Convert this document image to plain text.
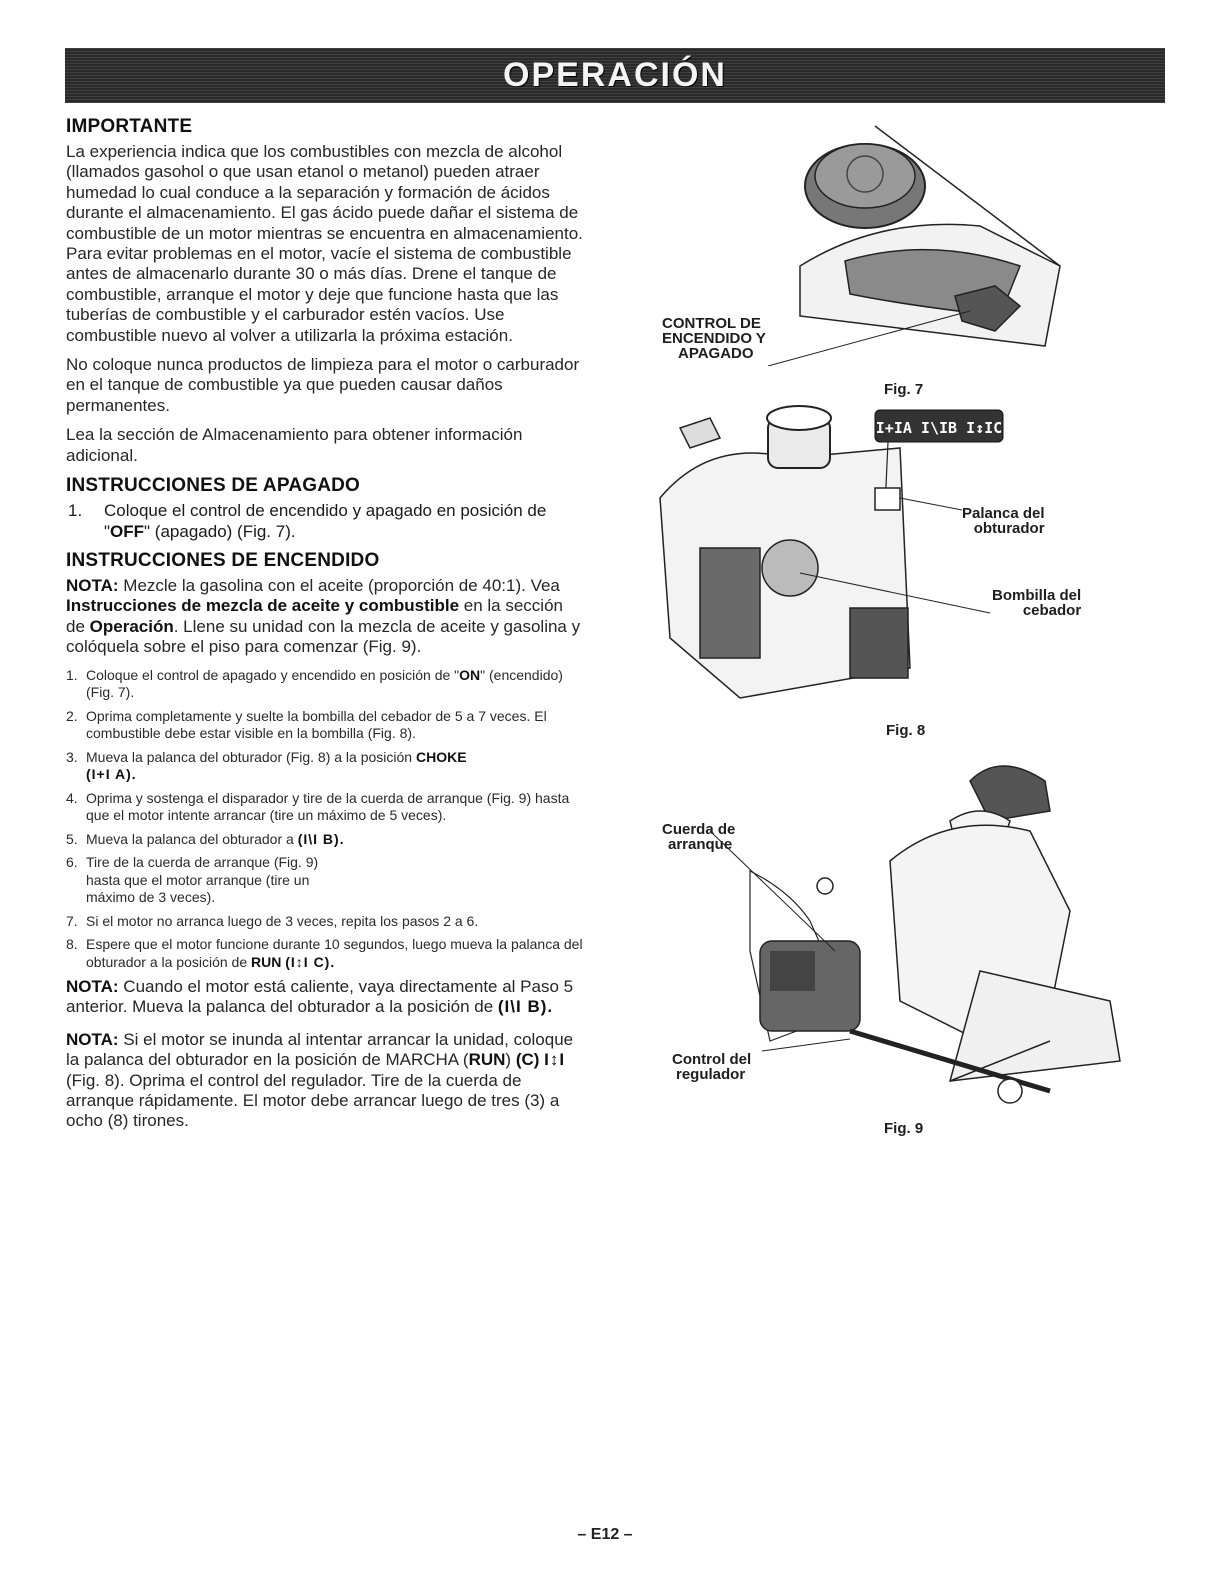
OPERACIÓN
IMPORTANTE

La experiencia indica que los combustibles con mezcla de alcohol (llamados gasohol o que usan etanol o metanol) pueden atraer humedad lo cual conduce a la separación y formación de ácidos durante el almacenamiento. El gas ácido puede dañar el sistema de combustible de un motor mientras se encuentra en almacenamiento. Para evitar problemas en el motor, vacíe el sistema de combustible antes de almacenarlo durante 30 o más días. Drene el tanque de combustible, arranque el motor y deje que funcione hasta que las tuberías de combustible y el carburador estén vacíos. Use combustible nuevo al volver a utilizarla la próxima estación.

No coloque nunca productos de limpieza para el motor o carburador en el tanque de combustible ya que pueden causar daños permanentes.

Lea la sección de Almacenamiento para obtener información adicional.

INSTRUCCIONES DE APAGADO
1.	Coloque el control de encendido y apagado en posición de "OFF" (apagado) (Fig. 7).
INSTRUCCIONES DE ENCENDIDO

NOTA: Mezcle la gasolina con el aceite (proporción de 40:1). Vea Instrucciones de mezcla de aceite y combustible en la sección de Operación. Llene su unidad con la mezcla de aceite y gasolina y colóquela sobre el piso para comenzar (Fig. 9).

1. Coloque el control de apagado y encendido en posición de "ON" (encendido)(Fig. 7).
2. Oprima completamente y suelte la bombilla del cebador de 5 a 7 veces. El combustible debe estar visible en la bombilla (Fig. 8).
3. Mueva la palanca del obturador (Fig. 8) a la posición CHOKE
(I+I A).
4. Oprima y sostenga el disparador y tire de la cuerda de arranque (Fig. 9) hasta que el motor intente arrancar (tire un máximo de 5 veces).
5. Mueva la palanca del obturador a (I\I B).
6. Tire de la cuerda de arranque (Fig. 9)
hasta que el motor arranque (tire un
máximo de 3 veces).
7. Si el motor no arranca luego de 3 veces, repita los pasos 2 a 6.
8. Espere que el motor funcione durante 10 segundos, luego mueva la palanca del obturador a la posición de RUN (I↕I C).

NOTA: Cuando el motor está caliente, vaya directamente al Paso 5 anterior. Mueva la palanca del obturador a la posición de (I\I B).

NOTA: Si el motor se inunda al intentar arrancar la unidad, coloque la palanca del obturador en la posición de MARCHA (RUN) (C) I↕I (Fig. 8). Oprima el control del regulador. Tire de la cuerda de arranque rápidamente. El motor debe arrancar luego de tres (3) a ocho (8) tirones.

CONTROL DE
ENCENDIDO Y
APAGADO
Fig. 7
I+IA I\IB I↕IC
Palanca del
obturador
Bombilla del
cebador
Fig. 8
Cuerda de
arranque
Control del
regulador
Fig. 9
– E12 –
